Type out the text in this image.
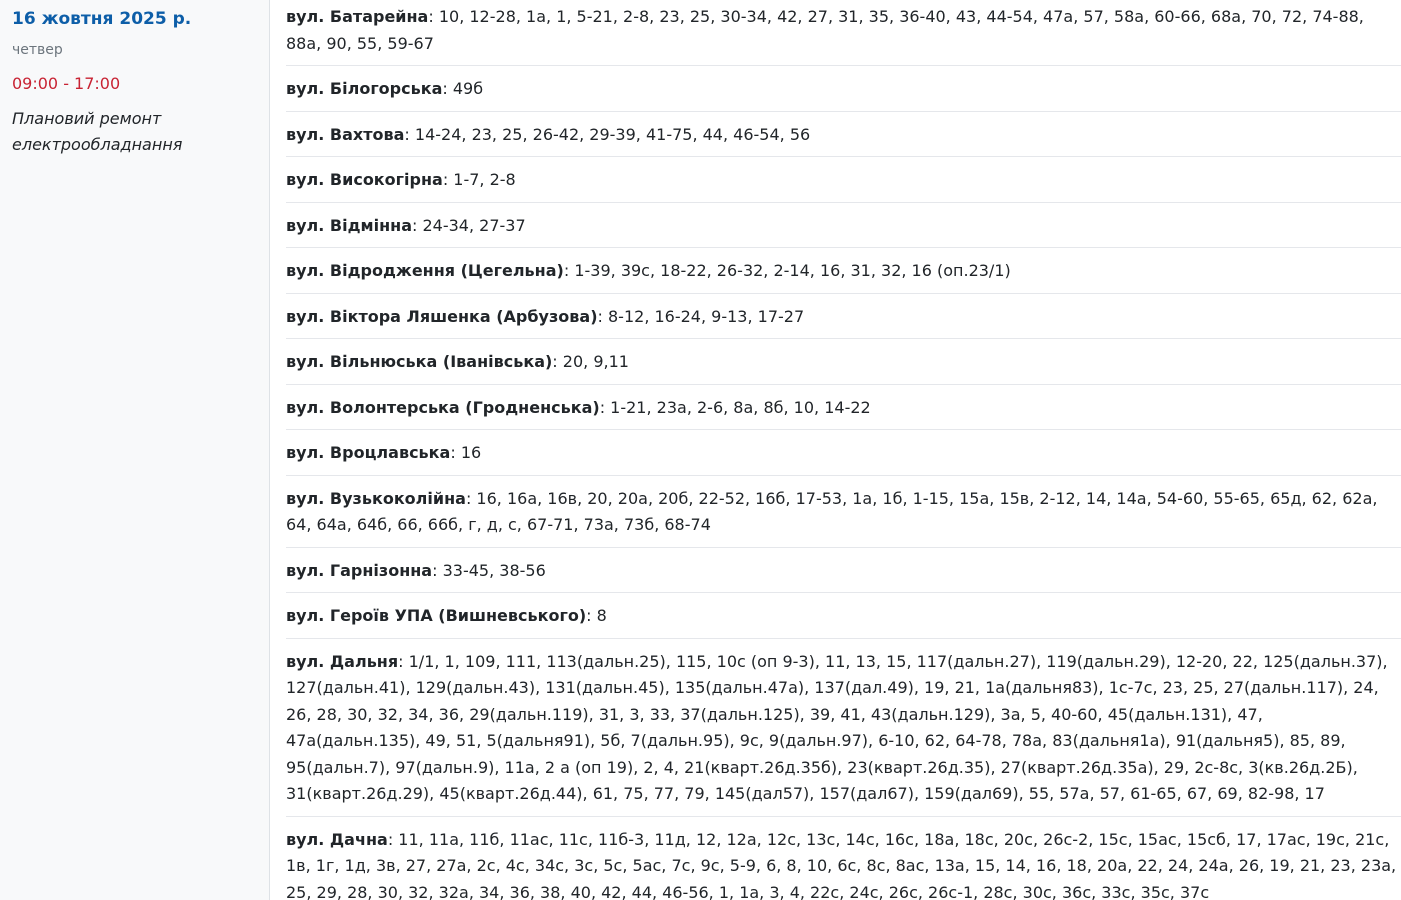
16 жовтня 2025 р.
четвер
09:00 - 17:00
Плановий ремонт електрообладнання
вул. Батарейна: 10, 12-28, 1а, 1, 5-21, 2-8, 23, 25, 30-34, 42, 27, 31, 35, 36-40, 43, 44-54, 47а, 57, 58а, 60-66, 68а, 70, 72, 74-88, 88а, 90, 55, 59-67
вул. Білогорська: 49б
вул. Вахтова: 14-24, 23, 25, 26-42, 29-39, 41-75, 44, 46-54, 56
вул. Високогірна: 1-7, 2-8
вул. Відмінна: 24-34, 27-37
вул. Відродження (Цегельна): 1-39, 39с, 18-22, 26-32, 2-14, 16, 31, 32, 16 (оп.23/1)
вул. Віктора Ляшенка (Арбузова): 8-12, 16-24, 9-13, 17-27
вул. Вільнюська (Іванівська): 20, 9,11
вул. Волонтерська (Гродненська): 1-21, 23а, 2-6, 8а, 8б, 10, 14-22
вул. Вроцлавська: 16
вул. Вузькоколійна: 16, 16а, 16в, 20, 20а, 20б, 22-52, 16б, 17-53, 1а, 1б, 1-15, 15а, 15в, 2-12, 14, 14а, 54-60, 55-65, 65д, 62, 62а, 64, 64а, 64б, 66, 66б, г, д, с, 67-71, 73а, 73б, 68-74
вул. Гарнізонна: 33-45, 38-56
вул. Героїв УПА (Вишневського): 8
вул. Дальня: 1/1, 1, 109, 111, 113(дальн.25), 115, 10с (оп 9-3), 11, 13, 15, 117(дальн.27), 119(дальн.29), 12-20, 22, 125(дальн.37), 127(дальн.41), 129(дальн.43), 131(дальн.45), 135(дальн.47а), 137(дал.49), 19, 21, 1а(дальня83), 1с-7с, 23, 25, 27(дальн.117), 24, 26, 28, 30, 32, 34, 36, 29(дальн.119), 31, 3, 33, 37(дальн.125), 39, 41, 43(дальн.129), 3а, 5, 40-60, 45(дальн.131), 47, 47а(дальн.135), 49, 51, 5(дальня91), 5б, 7(дальн.95), 9с, 9(дальн.97), 6-10, 62, 64-78, 78а, 83(дальня1а), 91(дальня5), 85, 89, 95(дальн.7), 97(дальн.9), 11а, 2 а (оп 19), 2, 4, 21(кварт.26д.35б), 23(кварт.26д.35), 27(кварт.26д.35а), 29, 2с-8с, 3(кв.26д.2Б), 31(кварт.26д.29), 45(кварт.26д.44), 61, 75, 77, 79, 145(дал57), 157(дал67), 159(дал69), 55, 57а, 57, 61-65, 67, 69, 82-98, 17
вул. Дачна: 11, 11а, 11б, 11ас, 11с, 11б-3, 11д, 12, 12а, 12с, 13с, 14с, 16с, 18а, 18с, 20с, 26с-2, 15с, 15ас, 15сб, 17, 17ас, 19с, 21с, 1в, 1г, 1д, 3в, 27, 27а, 2с, 4с, 34с, 3с, 5с, 5ас, 7с, 9с, 5-9, 6, 8, 10, 6с, 8с, 8ас, 13а, 15, 14, 16, 18, 20а, 22, 24, 24а, 26, 19, 21, 23, 23а, 25, 29, 28, 30, 32, 32а, 34, 36, 38, 40, 42, 44, 46-56, 1, 1а, 3, 4, 22с, 24с, 26с, 26с-1, 28с, 30с, 36с, 33с, 35с, 37с
